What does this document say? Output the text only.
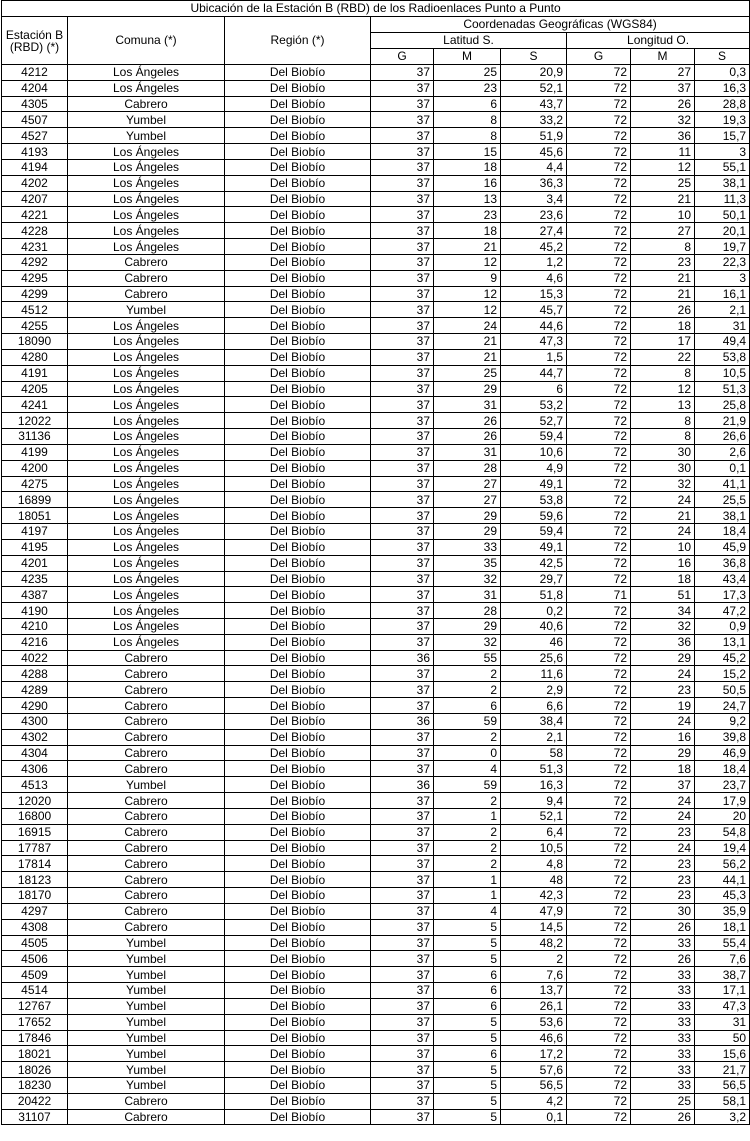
Ubicación de la Estación B (RBD) de los Radioenlaces Punto a Punto								
Estación B (RBD) (*)	Comuna (*)	Región (*)	Coordenadas Geográficas (WGS84)					
			Latitud S.			Longitud O.		
			G	M	S	G	M	S
4212	Los Ángeles	Del Biobío	37	25	20,9	72	27	0,3
4204	Los Ángeles	Del Biobío	37	23	52,1	72	37	16,3
4305	Cabrero	Del Biobío	37	6	43,7	72	26	28,8
4507	Yumbel	Del Biobío	37	8	33,2	72	32	19,3
4527	Yumbel	Del Biobío	37	8	51,9	72	36	15,7
4193	Los Ángeles	Del Biobío	37	15	45,6	72	11	3
4194	Los Ángeles	Del Biobío	37	18	4,4	72	12	55,1
4202	Los Ángeles	Del Biobío	37	16	36,3	72	25	38,1
4207	Los Ángeles	Del Biobío	37	13	3,4	72	21	11,3
4221	Los Ángeles	Del Biobío	37	23	23,6	72	10	50,1
4228	Los Ángeles	Del Biobío	37	18	27,4	72	27	20,1
4231	Los Ángeles	Del Biobío	37	21	45,2	72	8	19,7
4292	Cabrero	Del Biobío	37	12	1,2	72	23	22,3
4295	Cabrero	Del Biobío	37	9	4,6	72	21	3
4299	Cabrero	Del Biobío	37	12	15,3	72	21	16,1
4512	Yumbel	Del Biobío	37	12	45,7	72	26	2,1
4255	Los Ángeles	Del Biobío	37	24	44,6	72	18	31
18090	Los Ángeles	Del Biobío	37	21	47,3	72	17	49,4
4280	Los Ángeles	Del Biobío	37	21	1,5	72	22	53,8
4191	Los Ángeles	Del Biobío	37	25	44,7	72	8	10,5
4205	Los Ángeles	Del Biobío	37	29	6	72	12	51,3
4241	Los Ángeles	Del Biobío	37	31	53,2	72	13	25,8
12022	Los Ángeles	Del Biobío	37	26	52,7	72	8	21,9
31136	Los Ángeles	Del Biobío	37	26	59,4	72	8	26,6
4199	Los Ángeles	Del Biobío	37	31	10,6	72	30	2,6
4200	Los Ángeles	Del Biobío	37	28	4,9	72	30	0,1
4275	Los Ángeles	Del Biobío	37	27	49,1	72	32	41,1
16899	Los Ángeles	Del Biobío	37	27	53,8	72	24	25,5
18051	Los Ángeles	Del Biobío	37	29	59,6	72	21	38,1
4197	Los Ángeles	Del Biobío	37	29	59,4	72	24	18,4
4195	Los Ángeles	Del Biobío	37	33	49,1	72	10	45,9
4201	Los Ángeles	Del Biobío	37	35	42,5	72	16	36,8
4235	Los Ángeles	Del Biobío	37	32	29,7	72	18	43,4
4387	Los Ángeles	Del Biobío	37	31	51,8	71	51	17,3
4190	Los Ángeles	Del Biobío	37	28	0,2	72	34	47,2
4210	Los Ángeles	Del Biobío	37	29	40,6	72	32	0,9
4216	Los Ángeles	Del Biobío	37	32	46	72	36	13,1
4022	Cabrero	Del Biobío	36	55	25,6	72	29	45,2
4288	Cabrero	Del Biobío	37	2	11,6	72	24	15,2
4289	Cabrero	Del Biobío	37	2	2,9	72	23	50,5
4290	Cabrero	Del Biobío	37	6	6,6	72	19	24,7
4300	Cabrero	Del Biobío	36	59	38,4	72	24	9,2
4302	Cabrero	Del Biobío	37	2	2,1	72	16	39,8
4304	Cabrero	Del Biobío	37	0	58	72	29	46,9
4306	Cabrero	Del Biobío	37	4	51,3	72	18	18,4
4513	Yumbel	Del Biobío	36	59	16,3	72	37	23,7
12020	Cabrero	Del Biobío	37	2	9,4	72	24	17,9
16800	Cabrero	Del Biobío	37	1	52,1	72	24	20
16915	Cabrero	Del Biobío	37	2	6,4	72	23	54,8
17787	Cabrero	Del Biobío	37	2	10,5	72	24	19,4
17814	Cabrero	Del Biobío	37	2	4,8	72	23	56,2
18123	Cabrero	Del Biobío	37	1	48	72	23	44,1
18170	Cabrero	Del Biobío	37	1	42,3	72	23	45,3
4297	Cabrero	Del Biobío	37	4	47,9	72	30	35,9
4308	Cabrero	Del Biobío	37	5	14,5	72	26	18,1
4505	Yumbel	Del Biobío	37	5	48,2	72	33	55,4
4506	Yumbel	Del Biobío	37	5	2	72	26	7,6
4509	Yumbel	Del Biobío	37	6	7,6	72	33	38,7
4514	Yumbel	Del Biobío	37	6	13,7	72	33	17,1
12767	Yumbel	Del Biobío	37	6	26,1	72	33	47,3
17652	Yumbel	Del Biobío	37	5	53,6	72	33	31
17846	Yumbel	Del Biobío	37	5	46,6	72	33	50
18021	Yumbel	Del Biobío	37	6	17,2	72	33	15,6
18026	Yumbel	Del Biobío	37	5	57,6	72	33	21,7
18230	Yumbel	Del Biobío	37	5	56,5	72	33	56,5
20422	Cabrero	Del Biobío	37	5	4,2	72	25	58,1
31107	Cabrero	Del Biobío	37	5	0,1	72	26	3,2
